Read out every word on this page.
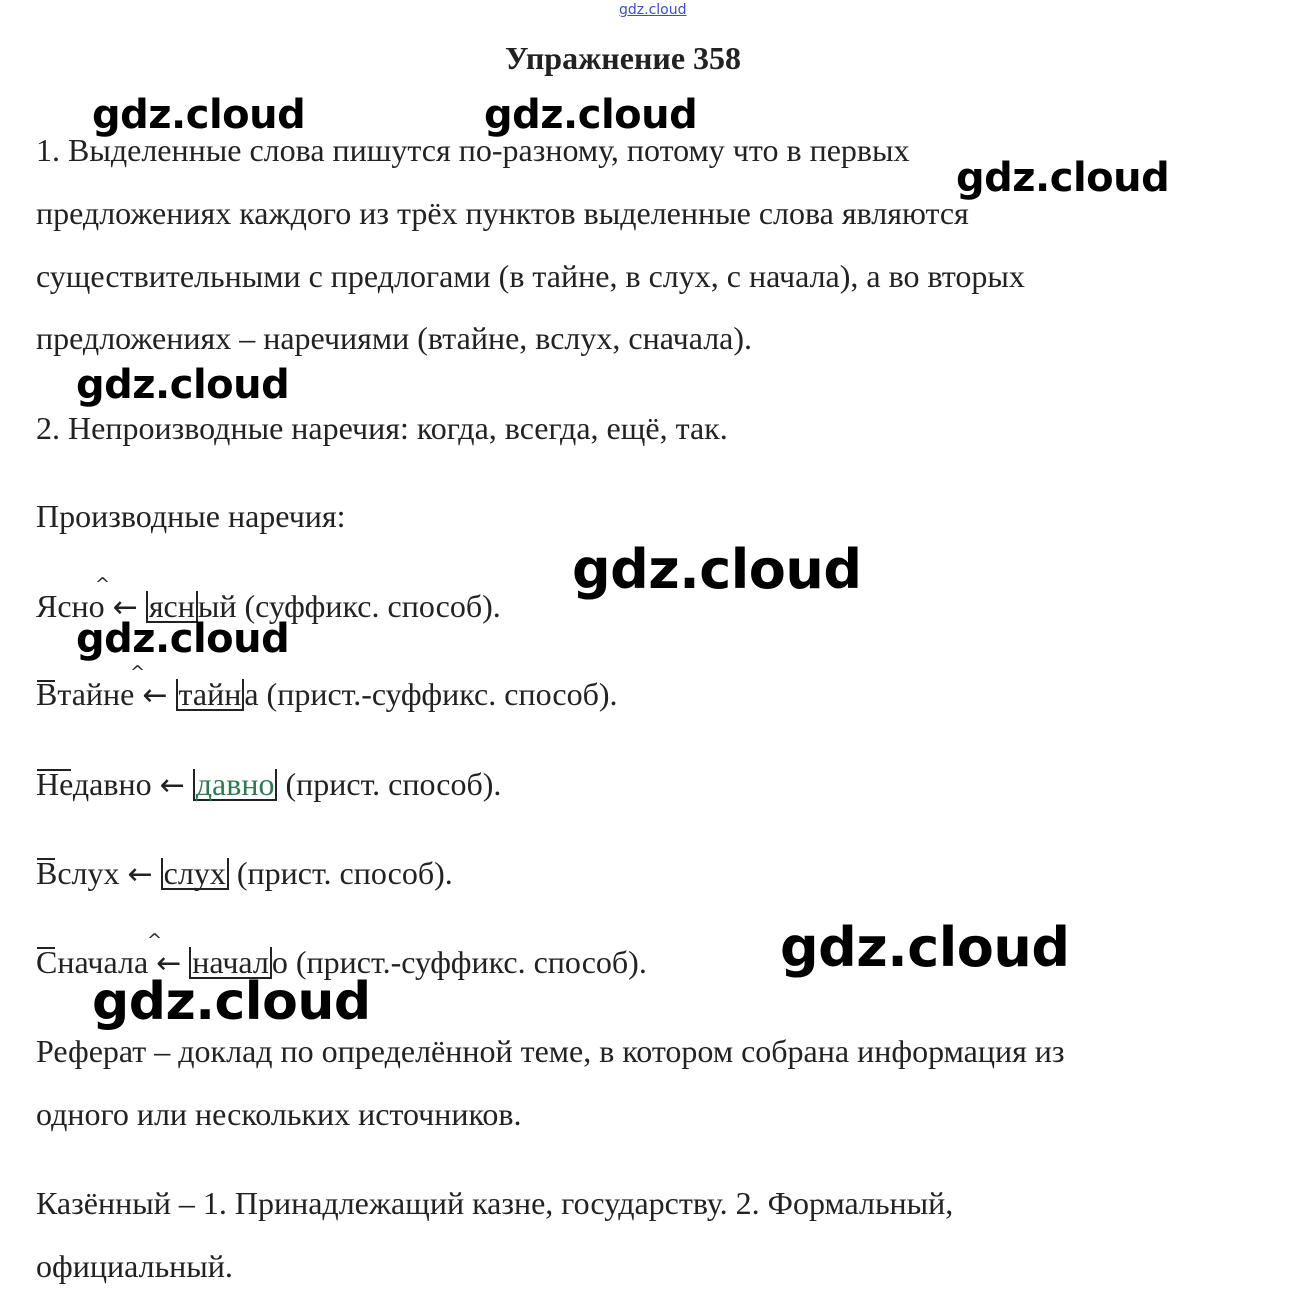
gdz.cloud
Упражнение 358
1. Выделенные слова пишутся по-разному, потому что в первых
предложениях каждого из трёх пунктов выделенные слова являются
существительными с предлогами (в тайне, в слух, с начала), а во вторых
предложениях – наречиями (втайне, вслух, сначала).
2. Непроизводные наречия: когда, всегда, ещё, так.
Производные наречия:
Ясно ← ясный (суффикс. способ).
^
Втайне ← тайна (прист.-суффикс. способ).
^
Недавно ← давно (прист. способ).
Вслух ← слух (прист. способ).
Сначала ← начало (прист.-суффикс. способ).
^
Реферат – доклад по определённой теме, в котором собрана информация из
одного или нескольких источников.
Казённый – 1. Принадлежащий казне, государству. 2. Формальный,
официальный.
gdz.cloud	gdz.cloud
gdz.cloud
gdz.cloud
gdz.cloud
gdz.cloud
gdz.cloud
gdz.cloud
